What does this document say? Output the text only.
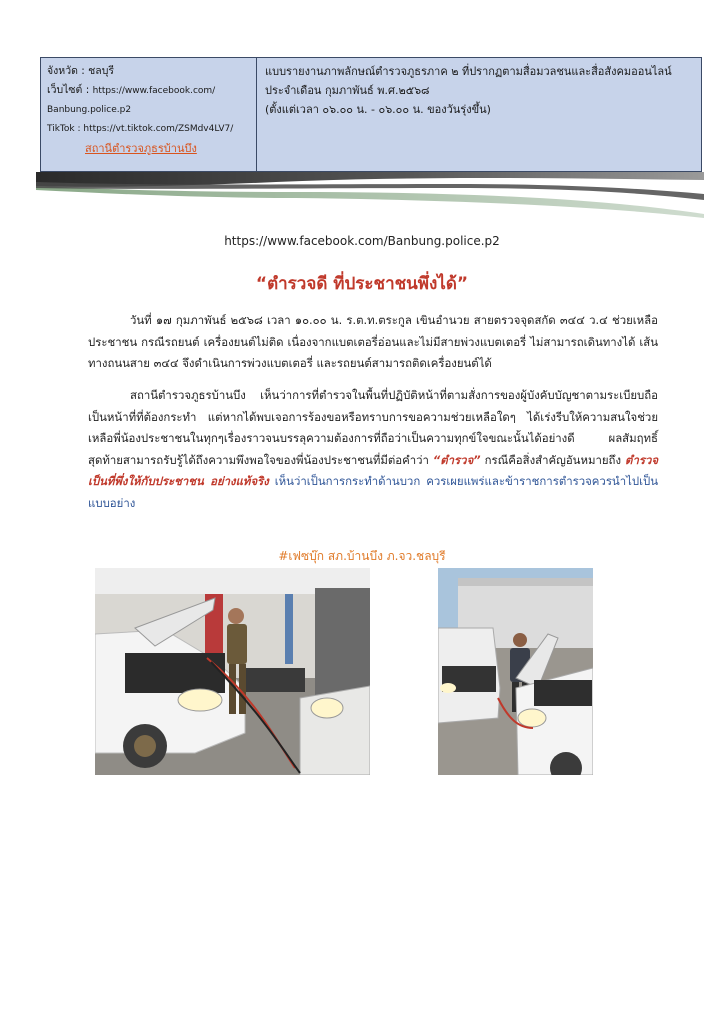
จังหวัด : ชลบุรี
เว็บไซต์ : https://www.facebook.com/
Banbung.police.p2
TikTok : https://vt.tiktok.com/ZSMdv4LV7/
สถานีตำรวจภูธรบ้านบึง
แบบรายงานภาพลักษณ์ตำรวจภูธรภาค ๒ ที่ปรากฏตามสื่อมวลชนและสื่อสังคมออนไลน์
ประจำเดือน กุมภาพันธ์ พ.ศ.๒๕๖๘
(ตั้งแต่เวลา ๐๖.๐๐ น. - ๐๖.๐๐ น. ของวันรุ่งขึ้น)
https://www.facebook.com/Banbung.police.p2
“ตำรวจดี ที่ประชาชนพึ่งได้”
วันที่ ๑๗ กุมภาพันธ์ ๒๕๖๘ เวลา ๑๐.๐๐ น. ร.ต.ท.ตระกูล เขินอำนวย สายตรวจจุดสกัด ๓๔๔ ว.๔ ช่วยเหลือประชาชน กรณีรถยนต์ เครื่องยนต์ไม่ติด เนื่องจากแบตเตอรี่อ่อนและไม่มีสายพ่วงแบตเตอรี่ ไม่สามารถเดินทางได้ เส้นทางถนนสาย ๓๔๔ จึงดำเนินการพ่วงแบตเตอรี่ และรถยนต์สามารถติดเครื่องยนต์ได้
สถานีตำรวจภูธรบ้านบึง เห็นว่าการที่ตำรวจในพื้นที่ปฏิบัติหน้าที่ตามสั่งการของผู้บังคับบัญชาตามระเบียบถือเป็นหน้าที่ที่ต้องกระทำ แต่หากได้พบเจอการร้องขอหรือทราบการขอความช่วยเหลือใดๆ ได้เร่งรีบให้ความสนใจช่วยเหลือพี่น้องประชาชนในทุกๆเรื่องราวจนบรรลุความต้องการที่ถือว่าเป็นความทุกข์ใจขณะนั้นได้อย่างดี ผลสัมฤทธิ์สุดท้ายสามารถรับรู้ได้ถึงความพึงพอใจของพี่น้องประชาชนที่มีต่อคำว่า “ตำรวจ” กรณีคือสิ่งสำคัญอันหมายถึง ตำรวจเป็นที่พึ่งให้กับประชาชน อย่างแท้จริง เห็นว่าเป็นการกระทำด้านบวก ควรเผยแพร่และข้าราชการตำรวจควรนำไปเป็นแบบอย่าง
#เฟซบุ๊ก สภ.บ้านบึง ภ.จว.ชลบุรี
